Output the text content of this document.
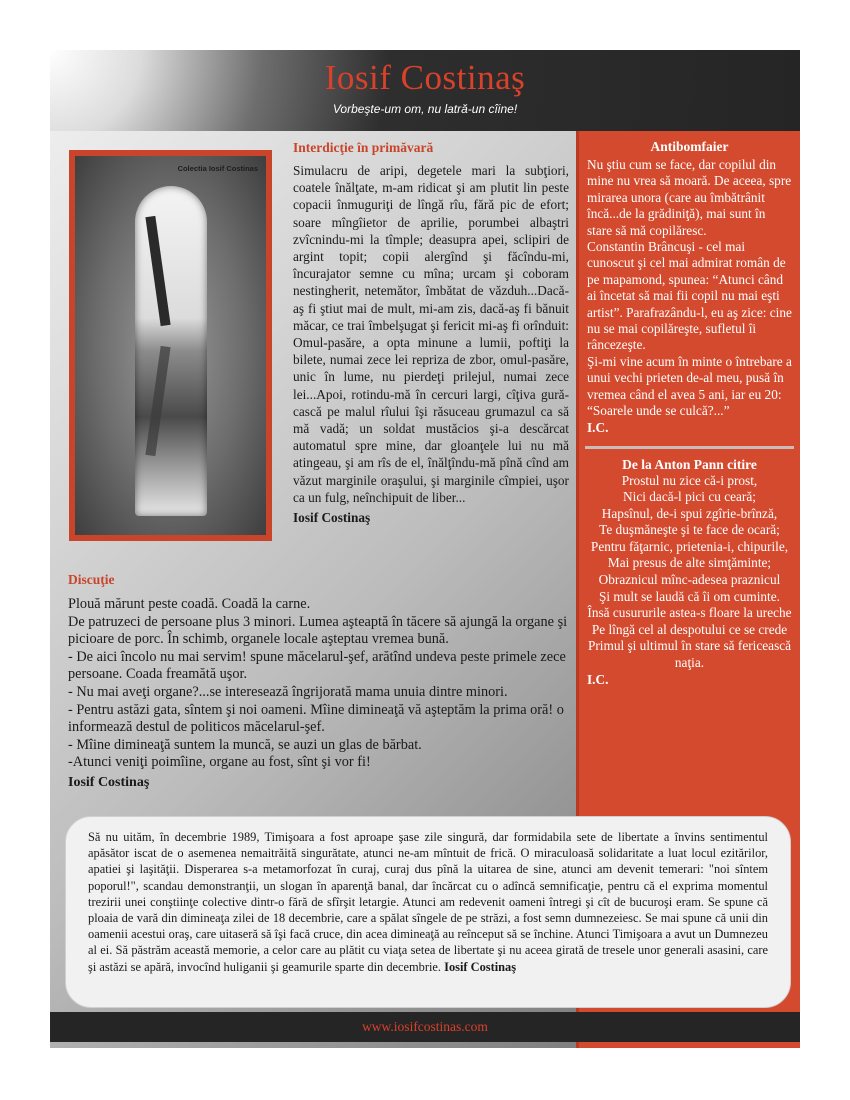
Iosif Costinaş
Vorbeşte-um om, nu latră-un cîine!
Colectia Iosif Costinas
Interdicţie în primăvară
Simulacru de aripi, degetele mari la subţiori, coatele înălţate, m-am ridicat şi am plutit lin peste copacii înmuguriţi de lîngă rîu, fără pic de efort; soare mîngîietor de aprilie, porumbei albaştri zvîcnindu-mi la tîmple; deasupra apei, sclipiri de argint topit; copii alergînd şi făcîndu-mi, încurajator semne cu mîna; urcam şi coboram nestingherit, netemător, îmbătat de văzduh...Dacă-aş fi ştiut mai de mult, mi-am zis, dacă-aş fi bănuit măcar, ce trai îmbelşugat şi fericit mi-aş fi orînduit: Omul-pasăre, a opta minune a lumii, poftiţi la bilete, numai zece lei repriza de zbor, omul-pasăre, unic în lume, nu pierdeţi prilejul, numai zece lei...Apoi, rotindu-mă în cercuri largi, cîţiva gură-cască pe malul rîului îşi răsuceau grumazul ca să mă vadă; un soldat mustăcios şi-a descărcat automatul spre mine, dar gloanţele lui nu mă atingeau, şi am rîs de el, înălţîndu-mă pînă cînd am văzut marginile oraşului, şi marginile cîmpiei, uşor ca un fulg, neînchipuit de liber...
Iosif Costinaş
Discuţie

Plouă mărunt peste coadă. Coadă la carne.

De patruzeci de persoane plus 3 minori. Lumea aşteaptă în tăcere să ajungă la organe şi picioare de porc. În schimb, organele locale aşteptau vremea bună.

- De aici încolo nu mai servim! spune măcelarul-şef, arătînd undeva peste primele zece persoane. Coada freamătă uşor.

- Nu mai aveţi organe?...se interesează îngrijorată mama unuia dintre minori.

- Pentru astăzi gata, sîntem şi noi oameni. Mîine dimineaţă vă aşteptăm la prima oră! o informează destul de politicos măcelarul-şef.

- Mîine dimineaţă suntem la muncă, se auzi un glas de bărbat.

-Atunci veniţi poimîine, organe au fost, sînt şi vor fi!

Iosif Costinaş
Antibomfaier

Nu ştiu cum se face, dar copilul din mine nu vrea să moară. De aceea, spre mirarea unora (care au îmbătrânit încă...de la grădiniţă), mai sunt în stare să mă copilăresc.

Constantin Brâncuşi - cel mai cunoscut şi cel mai admirat român de pe mapamond, spunea: “Atunci când ai încetat să mai fii copil nu mai eşti artist”. Parafrazându-l, eu aş zice: cine nu se mai copilăreşte, sufletul îi râncezeşte.

Şi-mi vine acum în minte o întrebare a unui vechi prieten de-al meu, pusă în vremea când el avea 5 ani, iar eu 20: “Soarele unde se culcă?...”

I.C.
De la Anton Pann citire
Prostul nu zice că-i prost,
Nici dacă-l pici cu ceară;
Hapsînul, de-i spui zgîrie-brînză,
Te duşmăneşte şi te face de ocară;
Pentru făţarnic, prietenia-i, chipurile,
Mai presus de alte simţăminte;
Obraznicul mînc-adesea praznicul
Şi mult se laudă că îi om cuminte.
Însă cusururile astea-s floare la ureche
Pe lîngă cel al despotului ce se crede
Primul şi ultimul în stare să fericească naţia.
I.C.
Să nu uităm, în decembrie 1989, Timişoara a fost aproape şase zile singură, dar formidabila sete de libertate a învins sentimentul apăsător iscat de o asemenea nemaitrăită singurătate, atunci ne-am mîntuit de frică. O miraculoasă solidaritate a luat locul ezitărilor, apatiei şi laşităţii. Disperarea s-a metamorfozat în curaj, curaj dus pînă la uitarea de sine, atunci am devenit temerari: "noi sîntem poporul!", scandau demonstranţii, un slogan în aparenţă banal, dar încărcat cu o adîncă semnificaţie, pentru că el exprima momentul trezirii unei conştiinţe colective dintr-o fără de sfîrşit letargie. Atunci am redevenit oameni întregi şi cît de bucuroşi eram. Se spune că ploaia de vară din dimineaţa zilei de 18 decembrie, care a spălat sîngele de pe străzi, a fost semn dumnezeiesc. Se mai spune că unii din oamenii acestui oraş, care uitaseră să îşi facă cruce, din acea dimineaţă au reînceput să se închine. Atunci Timişoara a avut un Dumnezeu al ei. Să păstrăm această memorie, a celor care au plătit cu viaţa setea de libertate şi nu aceea girată de tresele unor generali asasini, care şi astăzi se apără, invocînd huliganii şi geamurile sparte din decembrie. Iosif Costinaş
www.iosifcostinas.com
